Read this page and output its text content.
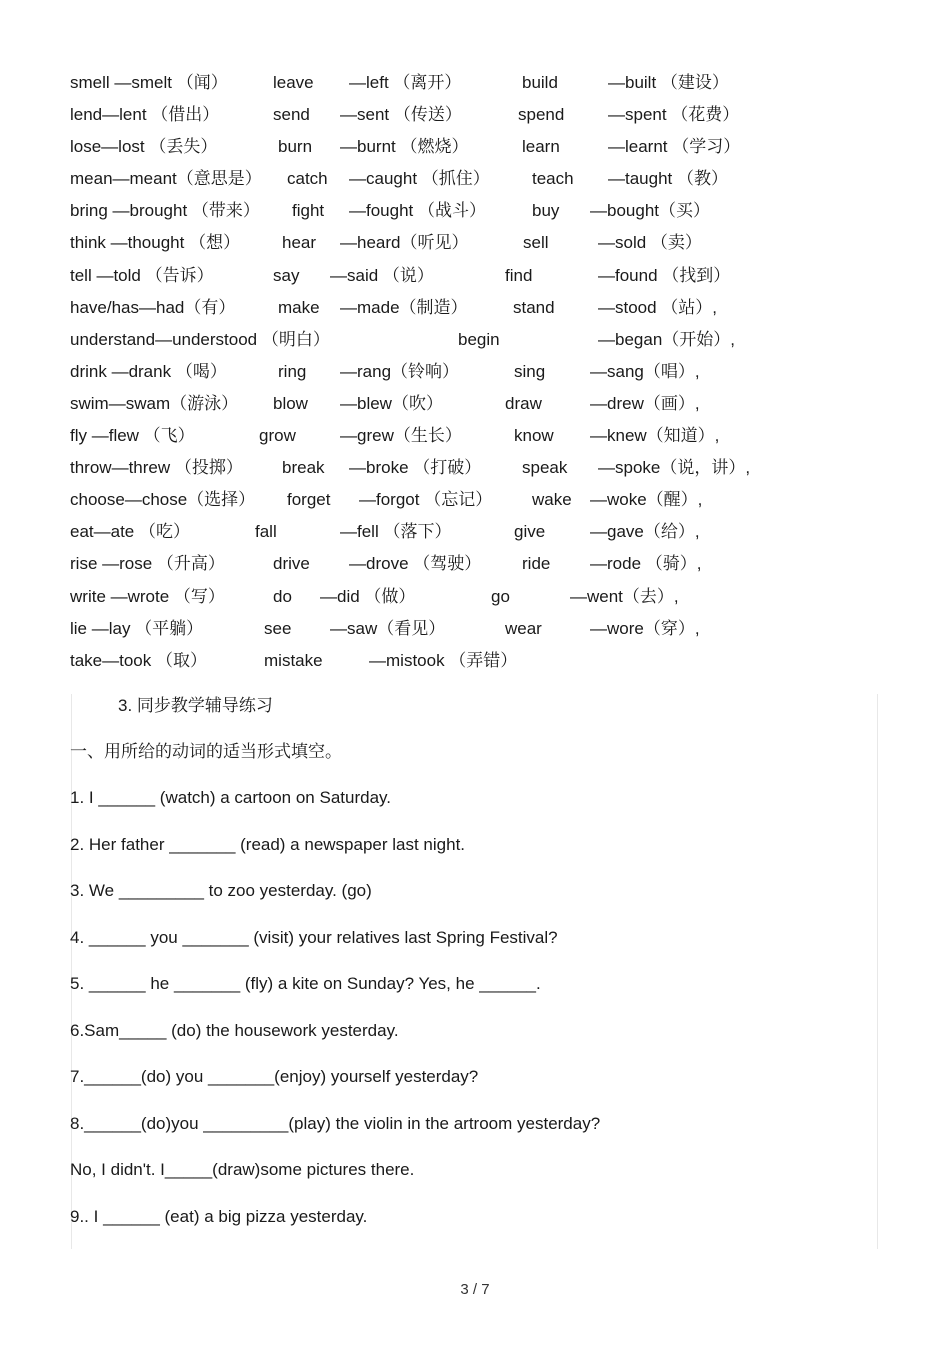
smell —smelt （闻）	leave —left （离开）	build	—built （建设）
lend—lent （借出）	send —sent （传送）	spend	—spent （花费）
lose—lost （丢失）	burn —burnt （燃烧）	learn	—learnt （学习）
mean—meant（意思是） catch —caught （抓住） teach —taught （教）
bring —brought （带来） fight —fought （战斗）	buy —bought（买）
think —thought （想） hear —heard（听见）	sell	—sold （卖）
tell —told （告诉）	say —said （说）	find	—found （找到）
have/has—had（有）	make —made（制造）	stand	—stood （站）,
understand—understood （明白）	begin	—began（开始）,
drink —drank （喝）	ring —rang（铃响）	sing	—sang（唱）,
swim—swam（游泳） blow —blew（吹）	draw	—drew（画）,
fly —flew （飞）	grow	—grew（生长）	know —knew（知道）,
throw—threw （投掷） break —broke （打破） speak —spoke（说，讲）,
choose—chose（选择） forget —forgot （忘记） wake —woke（醒）,
eat—ate （吃）	fall	—fell （落下）	give	—gave（给）,
rise —rose （升高）	drive —drove （驾驶） ride —rode （骑）,
write —wrote （写）	do —did （做）	go	—went（去）,
lie —lay （平躺）	see —saw（看见）	wear	—wore（穿）,
take—took （取）	mistake	—mistook （弄错）
3. 同步教学辅导练习
一、用所给的动词的适当形式填空。
1. I ______ (watch) a cartoon on Saturday.
2. Her father _______ (read) a newspaper last night.
3. We _________ to zoo yesterday. (go)
4. ______ you _______ (visit) your relatives last Spring Festival?
5. ______ he _______ (fly) a kite on Sunday? Yes, he ______.
6.Sam_____ (do) the housework yesterday.
7.______(do) you _______(enjoy) yourself yesterday?
8.______(do)you _________(play) the violin in the artroom yesterday?
No, I didn't. I_____(draw)some pictures there.
9.. I ______ (eat) a big pizza yesterday.
3 / 7
